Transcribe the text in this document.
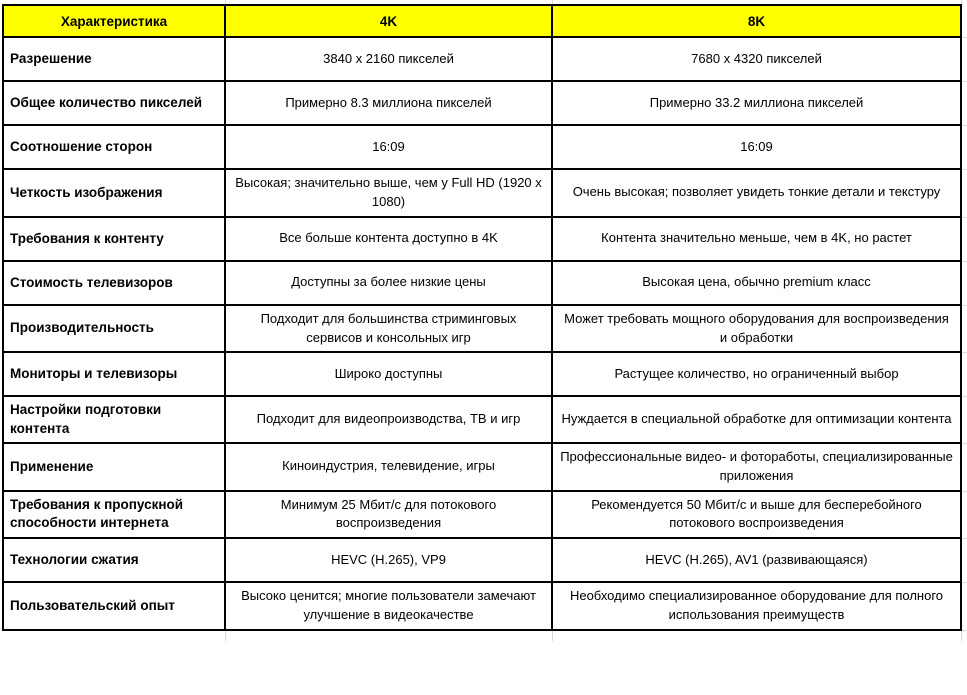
Характеристика	4K	8K
Разрешение	3840 x 2160 пикселей	7680 x 4320 пикселей
Общее количество пикселей	Примерно 8.3 миллиона пикселей	Примерно 33.2 миллиона пикселей
Соотношение сторон	16:09	16:09
Четкость изображения	Высокая; значительно выше, чем у Full HD (1920 x 1080)	Очень высокая; позволяет увидеть тонкие детали и текстуру
Требования к контенту	Все больше контента доступно в 4K	Контента значительно меньше, чем в 4K, но растет
Стоимость телевизоров	Доступны за более низкие цены	Высокая цена, обычно premium класс
Производительность	Подходит для большинства стриминговых сервисов и консольных игр	Может требовать мощного оборудования для воспроизведения и обработки
Мониторы и телевизоры	Широко доступны	Растущее количество, но ограниченный выбор
Настройки подготовки контента	Подходит для видеопроизводства, ТВ и игр	Нуждается в специальной обработке для оптимизации контента
Применение	Киноиндустрия, телевидение, игры	Профессиональные видео- и фотоработы, специализированные приложения
Требования к пропускной способности интернета	Минимум 25 Мбит/с для потокового воспроизведения	Рекомендуется 50 Мбит/с и выше для бесперебойного потокового воспроизведения
Технологии сжатия	HEVC (H.265), VP9	HEVC (H.265), AV1 (развивающаяся)
Пользовательский опыт	Высоко ценится; многие пользователи замечают улучшение в видеокачестве	Необходимо специализированное оборудование для полного использования преимуществ
